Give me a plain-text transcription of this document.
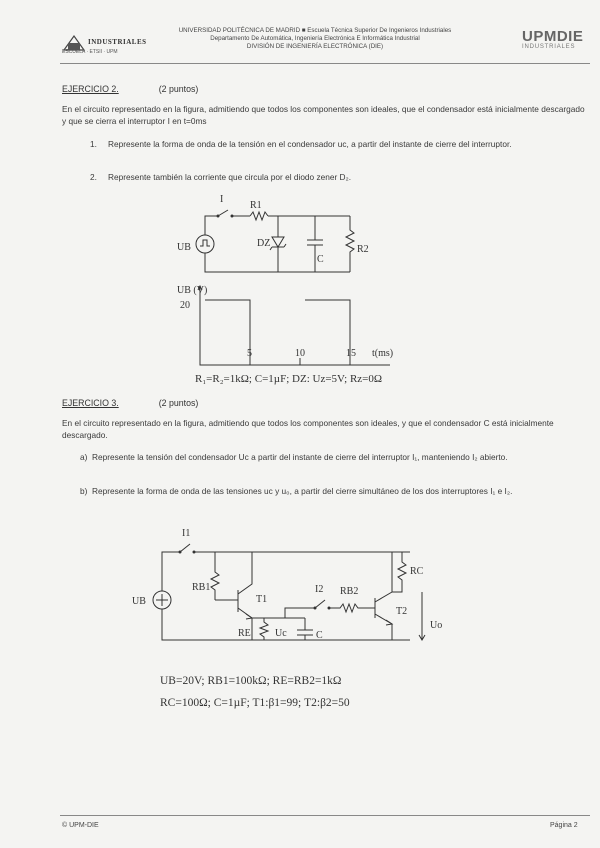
INDUSTRIALES
ESCUELA · ETSII · UPM
UNIVERSIDAD POLITÉCNICA DE MADRID ■ Escuela Técnica Superior De Ingenieros Industriales
Departamento De Automática, Ingeniería Electrónica E Informática Industrial
DIVISIÓN DE INGENIERÍA ELECTRÓNICA (DIE)
UPMDIE
INDUSTRIALES
EJERCICIO 2.	(2 puntos)
En el circuito representado en la figura, admitiendo que todos los componentes son ideales, que el condensador está inicialmente descargado y que se cierra el interruptor I en t=0ms
1. Represente la forma de onda de la tensión en el condensador uᴄ, a partir del instante de cierre del interruptor.
2. Represente también la corriente que circula por el diodo zener D₂.
I
R1
DZ
C
R2
UB
UB (V)
20
5	10	15 t(ms)
R₁=R₂=1kΩ; C=1µF; DZ: Uz=5V; Rz=0Ω
EJERCICIO 3.	(2 puntos)
En el circuito representado en la figura, admitiendo que todos los componentes son ideales, y que el condensador C está inicialmente descargado.
a) Represente la tensión del condensador Uᴄ a partir del instante de cierre del interruptor I₁, manteniendo I₂ abierto.
b) Represente la forma de onda de las tensiones uᴄ y u₀, a partir del cierre simultáneo de los dos interruptores I₁ e I₂.
I1
I2
RB1	RB2
RC
RE
T1
T2
Uc	C
Uo
UB
UB=20V; RB1=100kΩ; RE=RB2=1kΩ
RC=100Ω; C=1µF; T1:β1=99; T2:β2=50
© UPM-DIE	Página 2
